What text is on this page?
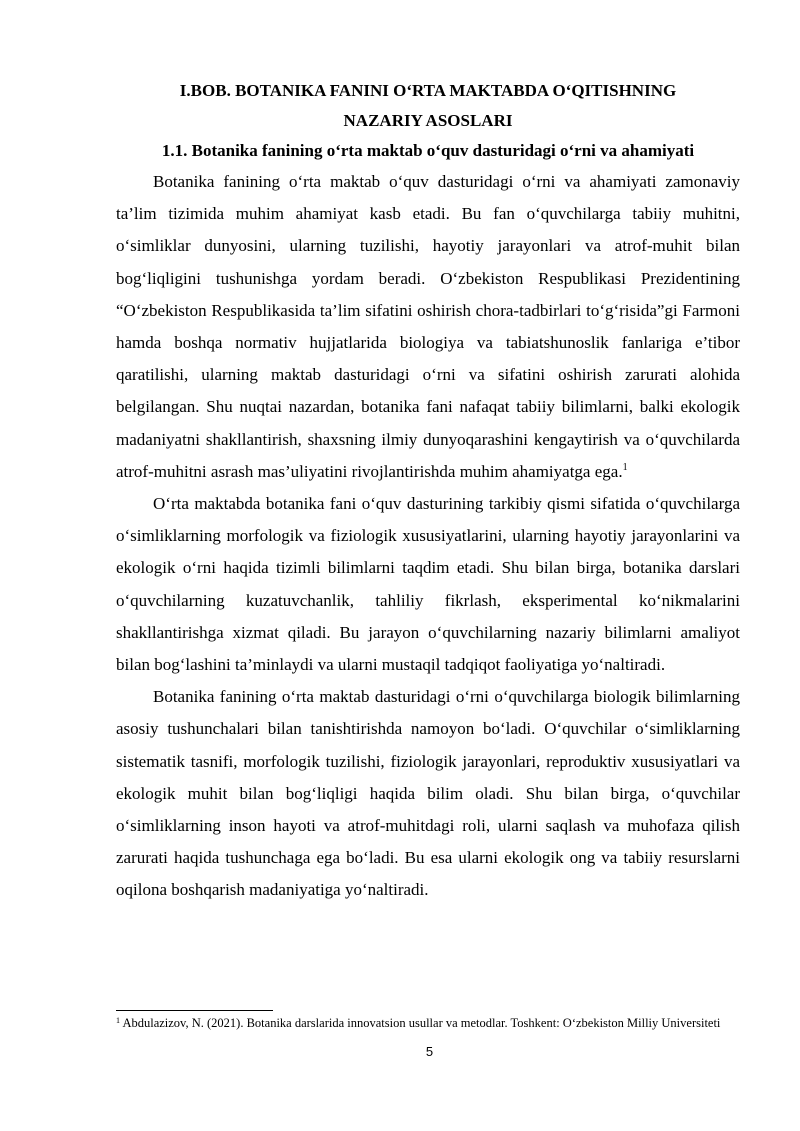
I.BOB. BOTANIKA FANINI O‘RTA MAKTABDA O‘QITISHNING
NAZARIY ASOSLARI

1.1. Botanika fanining o‘rta maktab o‘quv dasturidagi o‘rni va ahamiyati

Botanika fanining o‘rta maktab o‘quv dasturidagi o‘rni va ahamiyati zamonaviy ta’lim tizimida muhim ahamiyat kasb etadi. Bu fan o‘quvchilarga tabiiy muhitni, o‘simliklar dunyosini, ularning tuzilishi, hayotiy jarayonlari va atrof-muhit bilan bog‘liqligini tushunishga yordam beradi. O‘zbekiston Respublikasi Prezidentining “O‘zbekiston Respublikasida ta’lim sifatini oshirish chora-tadbirlari to‘g‘risida”gi Farmoni hamda boshqa normativ hujjatlarida biologiya va tabiatshunoslik fanlariga e’tibor qaratilishi, ularning maktab dasturidagi o‘rni va sifatini oshirish zarurati alohida belgilangan. Shu nuqtai nazardan, botanika fani nafaqat tabiiy bilimlarni, balki ekologik madaniyatni shakllantirish, shaxsning ilmiy dunyoqarashini kengaytirish va o‘quvchilarda atrof-muhitni asrash mas’uliyatini rivojlantirishda muhim ahamiyatga ega.$^1$

O‘rta maktabda botanika fani o‘quv dasturining tarkibiy qismi sifatida o‘quvchilarga o‘simliklarning morfologik va fiziologik xususiyatlarini, ularning hayotiy jarayonlarini va ekologik o‘rni haqida tizimli bilimlarni taqdim etadi. Shu bilan birga, botanika darslari o‘quvchilarning kuzatuvchanlik, tahliliy fikrlash, eksperimental ko‘nikmalarini shakllantirishga xizmat qiladi. Bu jarayon o‘quvchilarning nazariy bilimlarni amaliyot bilan bog‘lashini ta’minlaydi va ularni mustaqil tadqiqot faoliyatiga yo‘naltiradi.

Botanika fanining o‘rta maktab dasturidagi o‘rni o‘quvchilarga biologik bilimlarning asosiy tushunchalari bilan tanishtirishda namoyon bo‘ladi. O‘quvchilar o‘simliklarning sistematik tasnifi, morfologik tuzilishi, fiziologik jarayonlari, reproduktiv xususiyatlari va ekologik muhit bilan bog‘liqligi haqida bilim oladi. Shu bilan birga, o‘quvchilar o‘simliklarning inson hayoti va atrof-muhitdagi roli, ularni saqlash va muhofaza qilish zarurati haqida tushunchaga ega bo‘ladi. Bu esa ularni ekologik ong va tabiiy resurslarni oqilona boshqarish madaniyatiga yo‘naltiradi.

$^1$ Abdulazizov, N. (2021). Botanika darslarida innovatsion usullar va metodlar. Toshkent: O‘zbekiston Milliy Universiteti
5
